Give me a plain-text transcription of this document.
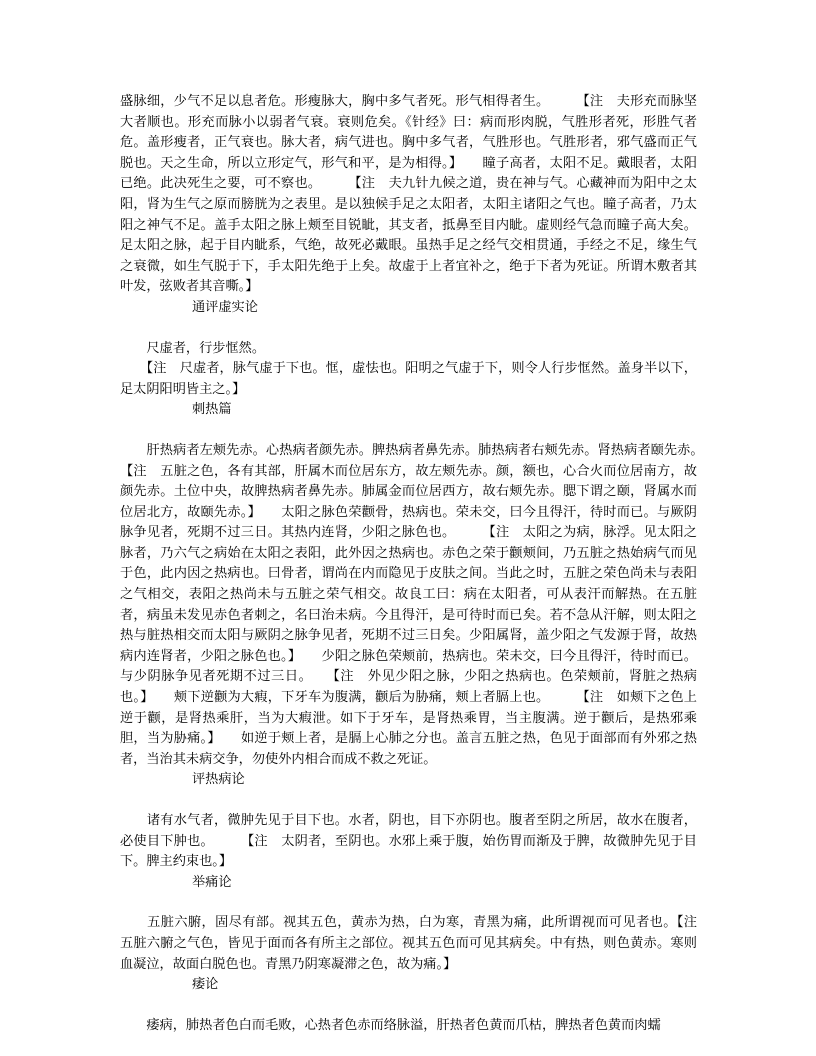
盛脉细，少气不足以息者危。形瘦脉大，胸中多气者死。形气相得者生。　　　【注　夫形充而脉坚大者顺也。形充而脉小以弱者气衰。衰则危矣。《针经》曰：病而形肉脱，气胜形者死，形胜气者危。盖形瘦者，正气衰也。脉大者，病气进也。胸中多气者，气胜形也。气胜形者，邪气盛而正气脱也。天之生命，所以立形定气，形气和平，是为相得。】　　瞳子高者，太阳不足。戴眼者，太阳已绝。此决死生之要，可不察也。　　　【注　夫九针九候之道，贵在神与气。心藏神而为阳中之太阳，肾为生气之原而膀胱为之表里。是以独候手足之太阳者，太阳主诸阳之气也。瞳子高者，乃太阳之神气不足。盖手太阳之脉上颊至目锐眦，其支者，抵鼻至目内眦。虚则经气急而瞳子高大矣。足太阳之脉，起于目内眦系，气绝，故死必戴眼。虽热手足之经气交相贯通，手经之不足，缘生气之衰微，如生气脱于下，手太阳先绝于上矣。故虚于上者宜补之，绝于下者为死证。所谓木敷者其叶发，弦败者其音嘶。】

通评虚实论

　　尺虚者，行步恇然。

　　【注　尺虚者，脉气虚于下也。恇，虚怯也。阳明之气虚于下，则令人行步恇然。盖身半以下，足太阴阳明皆主之。】

刺热篇

　　肝热病者左颊先赤。心热病者颜先赤。脾热病者鼻先赤。肺热病者右颊先赤。肾热病者颐先赤。　　　【注　五脏之色，各有其部，肝属木而位居东方，故左颊先赤。颜，额也，心合火而位居南方，故颜先赤。土位中央，故脾热病者鼻先赤。肺属金而位居西方，故右颊先赤。腮下谓之颐，肾属水而位居北方，故颐先赤。】　　太阳之脉色荣颧骨，热病也。荣未交，曰今且得汗，待时而已。与厥阴脉争见者，死期不过三日。其热内连肾，少阳之脉色也。　　　【注　太阳之为病，脉浮。见太阳之脉者，乃六气之病始在太阳之表阳，此外因之热病也。赤色之荣于颧颊间，乃五脏之热始病气而见于色，此内因之热病也。曰骨者，谓尚在内而隐见于皮肤之间。当此之时，五脏之荣色尚未与表阳之气相交，表阳之热尚未与五脏之荣气相交。故良工曰：病在太阳者，可从表汗而解热。在五脏者，病虽未发见赤色者刺之，名曰治未病。今且得汗，是可待时而已矣。若不急从汗解，则太阳之热与脏热相交而太阳与厥阴之脉争见者，死期不过三日矣。少阳属肾，盖少阳之气发源于肾，故热病内连肾者，少阳之脉色也。】　　少阳之脉色荣颊前，热病也。荣未交，曰今且得汗，待时而已。与少阴脉争见者死期不过三日。　　【注　外见少阳之脉，少阳之热病也。色荣颊前，肾脏之热病也。】　　颊下逆颧为大瘕，下牙车为腹满，颧后为胁痛，颊上者膈上也。　　　【注　如颊下之色上逆于颧，是肾热乘肝，当为大瘕泄。如下于牙车，是肾热乘胃，当主腹满。逆于颧后，是热邪乘胆，当为胁痛。】　　如逆于颊上者，是膈上心肺之分也。盖言五脏之热，色见于面部而有外邪之热者，当治其未病交争，勿使外内相合而成不救之死证。

评热病论

　　诸有水气者，微肿先见于目下也。水者，阴也，目下亦阴也。腹者至阴之所居，故水在腹者，必使目下肿也。　　　【注　太阴者，至阴也。水邪上乘于腹，始伤胃而渐及于脾，故微肿先见于目下。脾主约束也。】

举痛论

　　五脏六腑，固尽有部。视其五色，黄赤为热，白为寒，青黑为痛，此所谓视而可见者也。【注　五脏六腑之气色，皆见于面而各有所主之部位。视其五色而可见其病矣。中有热，则色黄赤。寒则血凝泣，故面白脱色也。青黑乃阴寒凝滞之色，故为痛。】

痿论

　　痿病，肺热者色白而毛败，心热者色赤而络脉溢，肝热者色黄而爪枯，脾热者色黄而肉蠕
